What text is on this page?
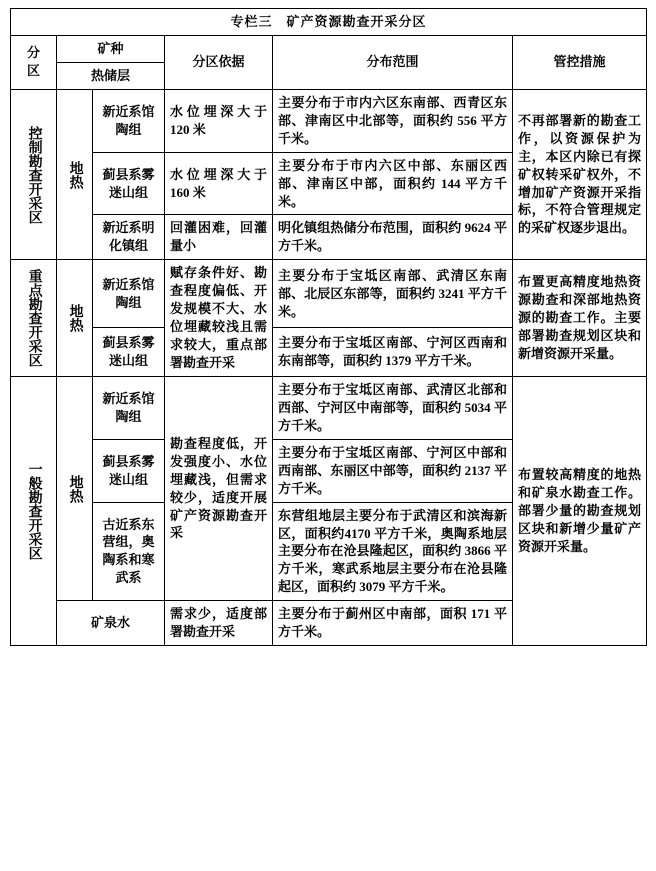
专栏三 矿产资源勘查开采分区					

分
区	矿种		分区依据	分布范围	管控措施
	热储层				

控制勘查开采区	地热	新近系馆陶组	水位埋深大于 120 米	主要分布于市内六区东南部、西青区东部、津南区中北部等，面积约 556 平方千米。	不再部署新的勘查工作，以资源保护为主，本区内除已有探矿权转采矿权外，不增加矿产资源开采指标，不符合管理规定的采矿权逐步退出。
		蓟县系雾迷山组	水位埋深大于 160 米	主要分布于市内六区中部、东丽区西部、津南区中部，面积约 144 平方千米。	
		新近系明化镇组	回灌困难，回灌量小	明化镇组热储分布范围，面积约 9624 平方千米。	

重点勘查开采区	地热	新近系馆陶组	赋存条件好、勘查程度偏低、开发规模不大、水位埋藏较浅且需求较大，重点部署勘查开采	主要分布于宝坻区南部、武清区东南部、北辰区东部等，面积约 3241 平方千米。	布置更高精度地热资源勘查和深部地热资源的勘查工作。主要部署勘查规划区块和新增资源开采量。
		蓟县系雾迷山组		主要分布于宝坻区南部、宁河区西南和东南部等，面积约 1379 平方千米。	

一般勘查开采区	地热	新近系馆陶组	勘查程度低，开发强度小、水位埋藏浅，但需求较少，适度开展矿产资源勘查开采	主要分布于宝坻区南部、武清区北部和西部、宁河区中南部等，面积约 5034 平方千米。	布置较高精度的地热和矿泉水勘查工作。部署少量的勘查规划区块和新增少量矿产资源开采量。
		蓟县系雾迷山组		主要分布于宝坻区南部、宁河区中部和西南部、东丽区中部等，面积约 2137 平方千米。	
		古近系东营组，奥陶系和寒武系		东营组地层主要分布于武清区和滨海新区，面积约4170 平方千米，奥陶系地层主要分布在沧县隆起区，面积约 3866 平方千米，寒武系地层主要分布在沧县隆起区，面积约 3079 平方千米。	
	矿泉水		需求少，适度部署勘查开采	主要分布于蓟州区中南部，面积 171 平方千米。	
